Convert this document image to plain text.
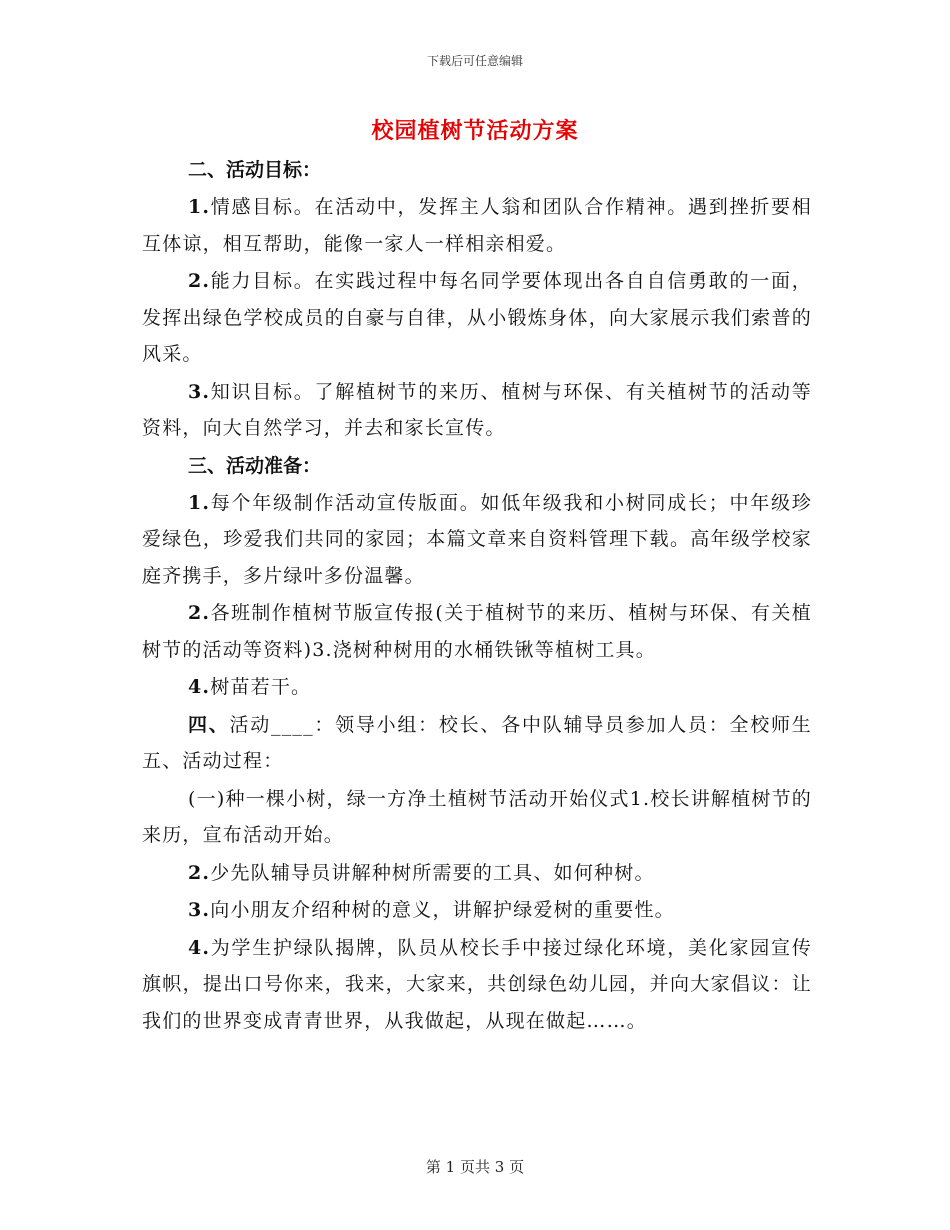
下载后可任意编辑
校园植树节活动方案
二、活动目标：

1.情感目标。在活动中，发挥主人翁和团队合作精神。遇到挫折要相互体谅，相互帮助，能像一家人一样相亲相爱。

2.能力目标。在实践过程中每名同学要体现出各自自信勇敢的一面，发挥出绿色学校成员的自豪与自律，从小锻炼身体，向大家展示我们索普的风采。

3.知识目标。了解植树节的来历、植树与环保、有关植树节的活动等资料，向大自然学习，并去和家长宣传。

三、活动准备：

1.每个年级制作活动宣传版面。如低年级我和小树同成长；中年级珍爱绿色，珍爱我们共同的家园；本篇文章来自资料管理下载。高年级学校家庭齐携手，多片绿叶多份温馨。

2.各班制作植树节版宣传报(关于植树节的来历、植树与环保、有关植树节的活动等资料)3.浇树种树用的水桶铁锹等植树工具。

4.树苗若干。

四、活动____：领导小组：校长、各中队辅导员参加人员：全校师生五、活动过程：

(一)种一棵小树，绿一方净土植树节活动开始仪式1.校长讲解植树节的来历，宣布活动开始。

2.少先队辅导员讲解种树所需要的工具、如何种树。

3.向小朋友介绍种树的意义，讲解护绿爱树的重要性。

4.为学生护绿队揭牌，队员从校长手中接过绿化环境，美化家园宣传旗帜，提出口号你来，我来，大家来，共创绿色幼儿园，并向大家倡议：让我们的世界变成青青世界，从我做起，从现在做起……。

第 1 页共 3 页
